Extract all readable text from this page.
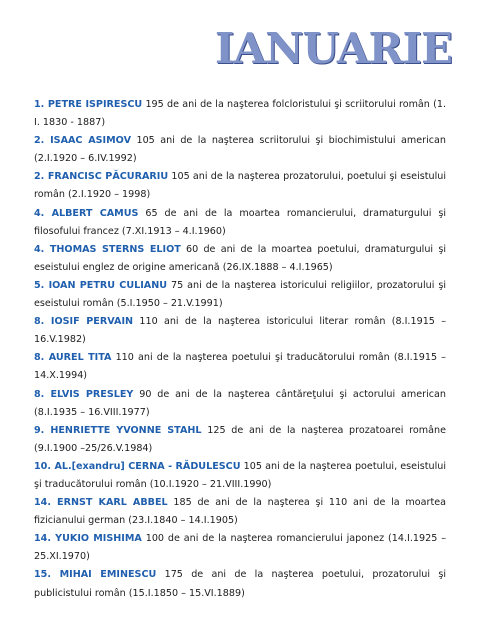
IANUARIE

1. PETRE ISPIRESCU 195 de ani de la naşterea folcloristului şi scriitorului român (1. I. 1830 - 1887)

2. ISAAC ASIMOV 105 ani de la naşterea scriitorului şi biochimistului american (2.I.1920 – 6.IV.1992)

2. FRANCISC PĂCURARIU 105 ani de la naşterea prozatorului, poetului şi eseistului român (2.I.1920 – 1998)

4. ALBERT CAMUS 65 de ani de la moartea romancierului, dramaturgului şi filosofului francez (7.XI.1913 – 4.I.1960)

4. THOMAS STERNS ELIOT 60 de ani de la moartea poetului, dramaturgului şi eseistului englez de origine americană (26.IX.1888 – 4.I.1965)

5. IOAN PETRU CULIANU 75 ani de la naşterea istoricului religiilor, prozatorului şi eseistului român (5.I.1950 – 21.V.1991)

8. IOSIF PERVAIN 110 ani de la naşterea istoricului literar român (8.I.1915 – 16.V.1982)

8. AUREL TITA 110 ani de la naşterea poetului şi traducătorului român (8.I.1915 – 14.X.1994)

8. ELVIS PRESLEY 90 de ani de la naşterea cântăreţului şi actorului american (8.I.1935 – 16.VIII.1977)

9. HENRIETTE YVONNE STAHL 125 de ani de la naşterea prozatoarei române (9.I.1900 –25/26.V.1984)

10. AL.[exandru] CERNA - RĂDULESCU 105 ani de la naşterea poetului, eseistului şi traducătorului român (10.I.1920 – 21.VIII.1990)

14. ERNST KARL ABBEL 185 de ani de la naşterea şi 110 ani de la moartea fizicianului german (23.I.1840 – 14.I.1905)

14. YUKIO MISHIMA 100 de ani de la naşterea romancierului japonez (14.I.1925 – 25.XI.1970)

15. MIHAI EMINESCU 175 de ani de la naşterea poetului, prozatorului şi publicistului român (15.I.1850 – 15.VI.1889)
